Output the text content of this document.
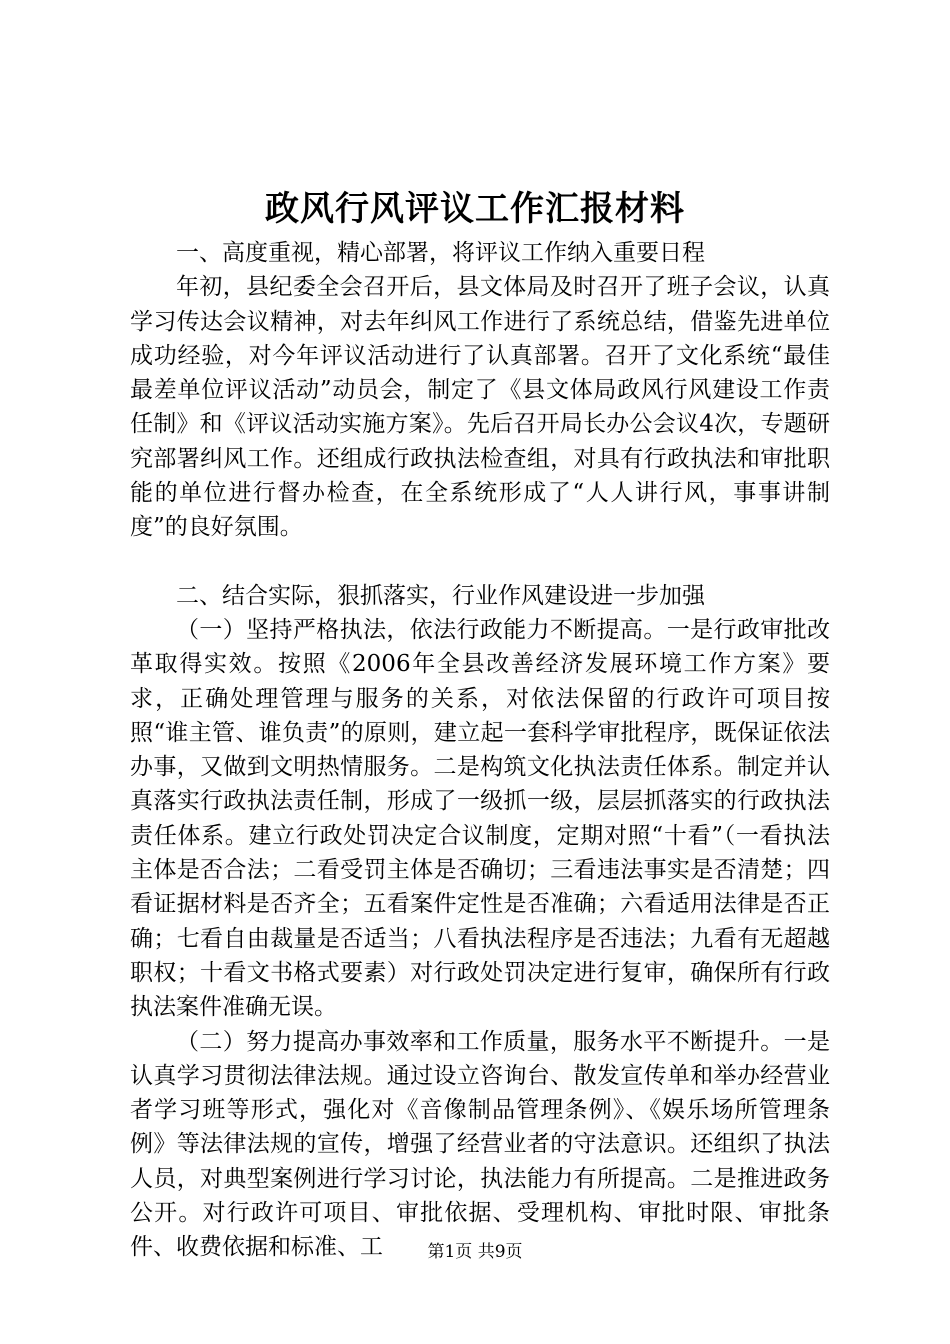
政风行风评议工作汇报材料

一、高度重视，精心部署，将评议工作纳入重要日程

年初，县纪委全会召开后，县文体局及时召开了班子会议，认真学习传达会议精神，对去年纠风工作进行了系统总结，借鉴先进单位成功经验，对今年评议活动进行了认真部署。召开了文化系统“最佳最差单位评议活动”动员会，制定了《县文体局政风行风建设工作责任制》和《评议活动实施方案》。先后召开局长办公会议4次，专题研究部署纠风工作。还组成行政执法检查组，对具有行政执法和审批职能的单位进行督办检查，在全系统形成了“人人讲行风，事事讲制度”的良好氛围。

二、结合实际，狠抓落实，行业作风建设进一步加强

（一）坚持严格执法，依法行政能力不断提高。一是行政审批改革取得实效。按照《2006年全县改善经济发展环境工作方案》要求，正确处理管理与服务的关系，对依法保留的行政许可项目按照“谁主管、谁负责”的原则，建立起一套科学审批程序，既保证依法办事，又做到文明热情服务。二是构筑文化执法责任体系。制定并认真落实行政执法责任制，形成了一级抓一级，层层抓落实的行政执法责任体系。建立行政处罚决定合议制度，定期对照“十看”（一看执法主体是否合法；二看受罚主体是否确切；三看违法事实是否清楚；四看证据材料是否齐全；五看案件定性是否准确；六看适用法律是否正确；七看自由裁量是否适当；八看执法程序是否违法；九看有无超越职权；十看文书格式要素）对行政处罚决定进行复审，确保所有行政执法案件准确无误。

（二）努力提高办事效率和工作质量，服务水平不断提升。一是认真学习贯彻法律法规。通过设立咨询台、散发宣传单和举办经营业者学习班等形式，强化对《音像制品管理条例》、《娱乐场所管理条例》等法律法规的宣传，增强了经营业者的守法意识。还组织了执法人员，对典型案例进行学习讨论，执法能力有所提高。二是推进政务公开。对行政许可项目、审批依据、受理机构、审批时限、审批条件、收费依据和标准、工	第1页 共9页
